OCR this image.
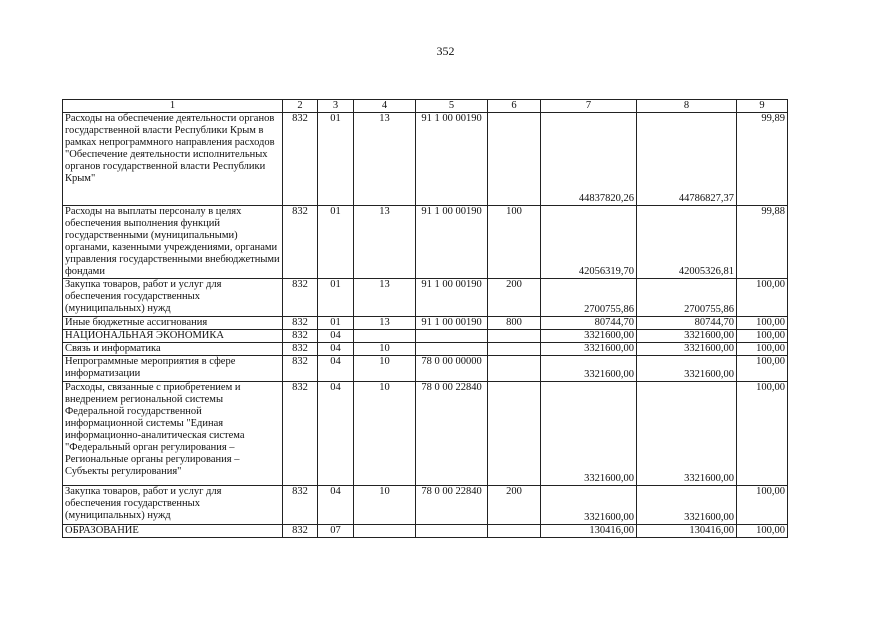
352
1	2	3	4	5	6	7	8	9
Расходы на обеспечение деятельности органов государственной власти Республики Крым в рамках непрограммного направления расходов "Обеспечение деятельности исполнительных органов государственной власти Республики Крым"	832	01	13	91 1 00 00190		44837820,26	44786827,37	99,89
Расходы на выплаты персоналу в целях обеспечения выполнения функций государственными (муниципальными) органами, казенными учреждениями, органами управления государственными внебюджетными фондами	832	01	13	91 1 00 00190	100	42056319,70	42005326,81	99,88
Закупка товаров, работ и услуг для обеспечения государственных (муниципальных) нужд	832	01	13	91 1 00 00190	200	2700755,86	2700755,86	100,00
Иные бюджетные ассигнования	832	01	13	91 1 00 00190	800	80744,70	80744,70	100,00
НАЦИОНАЛЬНАЯ ЭКОНОМИКА	832	04				3321600,00	3321600,00	100,00
Связь и информатика	832	04	10			3321600,00	3321600,00	100,00
Непрограммные мероприятия в сфере информатизации	832	04	10	78 0 00 00000		3321600,00	3321600,00	100,00
Расходы, связанные с приобретением и внедрением региональной системы Федеральной государственной информационной системы "Единая информационно-аналитическая система "Федеральный орган регулирования – Региональные органы регулирования – Субъекты регулирования"	832	04	10	78 0 00 22840		3321600,00	3321600,00	100,00
Закупка товаров, работ и услуг для обеспечения государственных (муниципальных) нужд	832	04	10	78 0 00 22840	200	3321600,00	3321600,00	100,00
ОБРАЗОВАНИЕ	832	07				130416,00	130416,00	100,00
